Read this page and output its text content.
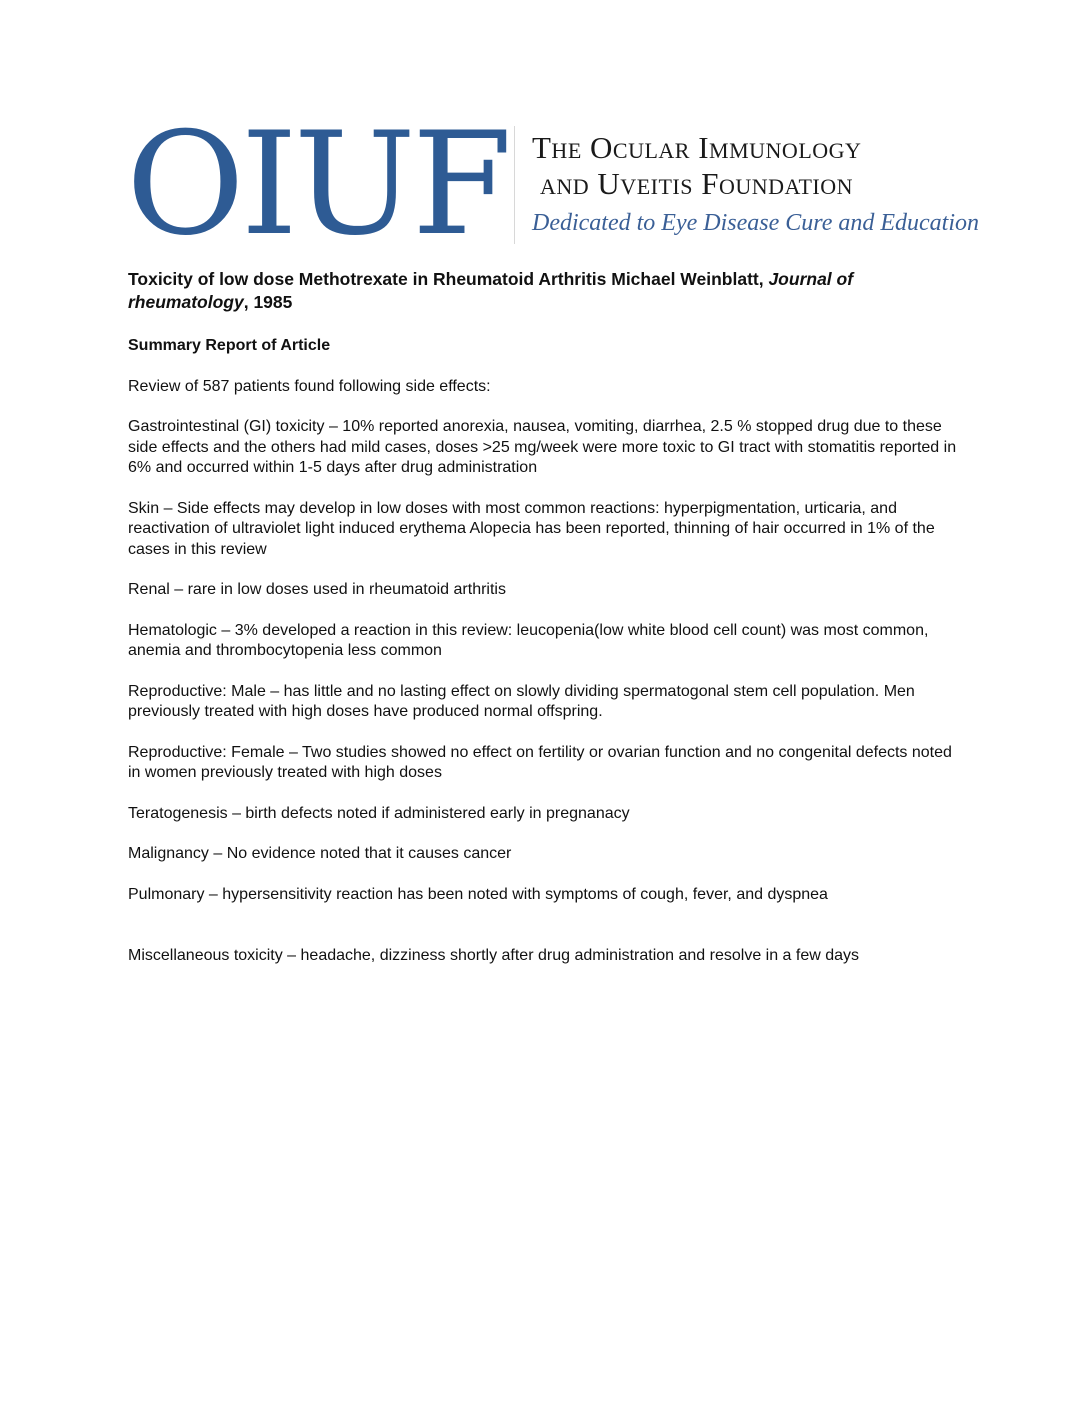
OIUF The Ocular Immunology
and Uveitis Foundation
Dedicated to Eye Disease Cure and Education

Toxicity of low dose Methotrexate in Rheumatoid Arthritis Michael Weinblatt, Journal of rheumatology, 1985

Summary Report of Article

Review of 587 patients found following side effects:

Gastrointestinal (GI) toxicity – 10% reported anorexia, nausea, vomiting, diarrhea, 2.5 % stopped drug due to these side effects and the others had mild cases, doses >25 mg/week were more toxic to GI tract with stomatitis reported in 6% and occurred within 1-5 days after drug administration

Skin – Side effects may develop in low doses with most common reactions: hyperpigmentation, urticaria, and reactivation of ultraviolet light induced erythema Alopecia has been reported, thinning of hair occurred in 1% of the cases in this review

Renal – rare in low doses used in rheumatoid arthritis

Hematologic – 3% developed a reaction in this review: leucopenia(low white blood cell count) was most common, anemia and thrombocytopenia less common

Reproductive: Male – has little and no lasting effect on slowly dividing spermatogonal stem cell population. Men previously treated with high doses have produced normal offspring.

Reproductive: Female – Two studies showed no effect on fertility or ovarian function and no congenital defects noted in women previously treated with high doses

Teratogenesis – birth defects noted if administered early in pregnanacy

Malignancy – No evidence noted that it causes cancer

Pulmonary – hypersensitivity reaction has been noted with symptoms of cough, fever, and dyspnea

Miscellaneous toxicity – headache, dizziness shortly after drug administration and resolve in a few days
